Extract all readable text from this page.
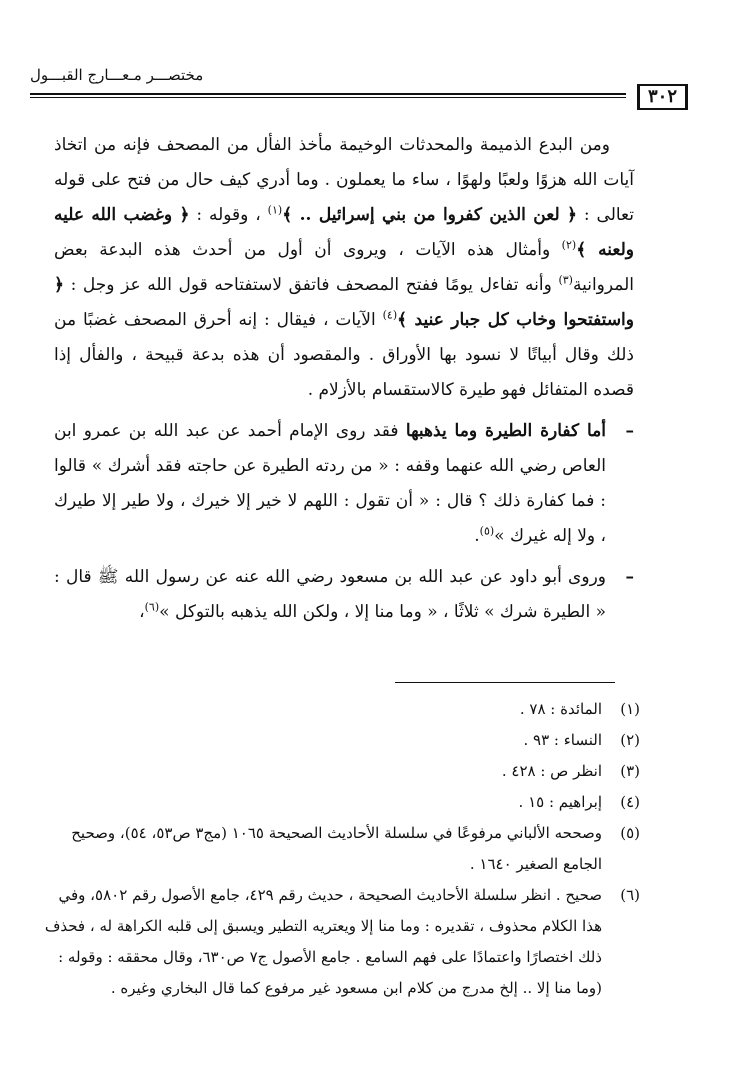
٣٠٢
مختصـــر مـعـــارج القبـــول

ومن البدع الذميمة والمحدثات الوخيمة مأخذ الفأل من المصحف فإنه من اتخاذ آيات الله هزوًا ولعبًا ولهوًا ، ساء ما يعملون . وما أدري كيف حال من فتح على قوله تعالى : ﴿ لعن الذين كفروا من بني إسرائيل .. ﴾$^{(١)}$ ، وقوله : ﴿ وغضب الله عليه ولعنه ﴾$^{(٢)}$ وأمثال هذه الآيات ، ويروى أن أول من أحدث هذه البدعة بعض المروانية$^{(٣)}$ وأنه تفاءل يومًا ففتح المصحف فاتفق لاستفتاحه قول الله عز وجل : ﴿ واستفتحوا وخاب كل جبار عنيد ﴾$^{(٤)}$ الآيات ، فيقال : إنه أحرق المصحف غضبًا من ذلك وقال أبياتًا لا نسود بها الأوراق . والمقصود أن هذه بدعة قبيحة ، والفأل إذا قصده المتفائل فهو طيرة كالاستقسام بالأزلام .

–
أما كفارة الطيرة وما يذهبها فقد روى الإمام أحمد عن عبد الله بن عمرو ابن العاص رضي الله عنهما وقفه : « من ردته الطيرة عن حاجته فقد أشرك » قالوا : فما كفارة ذلك ؟ قال : « أن تقول : اللهم لا خير إلا خيرك ، ولا طير إلا طيرك ، ولا إله غيرك »$^{(٥)}$.

–
وروى أبو داود عن عبد الله بن مسعود رضي الله عنه عن رسول الله ﷺ قال : « الطيرة شرك » ثلاثًا ، « وما منا إلا ، ولكن الله يذهبه بالتوكل »$^{(٦)}$،

(١)
المائدة : ٧٨ .
(٢)
النساء : ٩٣ .
(٣)
انظر ص : ٤٢٨ .
(٤)
إبراهيم : ١٥ .
(٥)
وصححه الألباني مرفوعًا في سلسلة الأحاديث الصحيحة ١٠٦٥ (مج٣ ص٥٣، ٥٤)، وصحيح الجامع الصغير ١٦٤٠ .
(٦)
صحيح . انظر سلسلة الأحاديث الصحيحة ، حديث رقم ٤٢٩، جامع الأصول رقم ٥٨٠٢، وفي هذا الكلام محذوف ، تقديره : وما منا إلا ويعتريه التطير ويسبق إلى قلبه الكراهة له ، فحذف ذلك اختصارًا واعتمادًا على فهم السامع . جامع الأصول ج٧ ص٦٣٠، وقال محققه : وقوله : (وما منا إلا .. إلخ مدرج من كلام ابن مسعود غير مرفوع كما قال البخاري وغيره .
